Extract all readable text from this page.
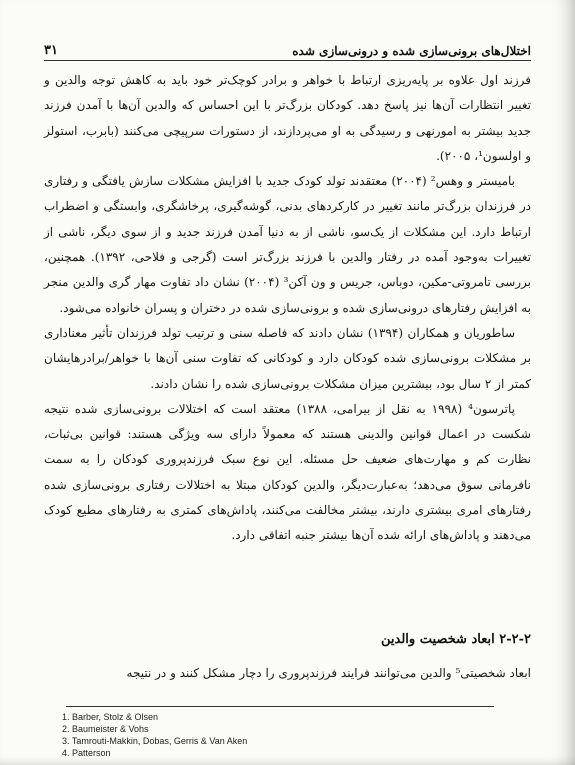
اختلال‌های برونی‌سازی شده و درونی‌سازی شده
۳۱

فرزند اول علاوه بر پایه‌ریزی ارتباط با خواهر و برادر کوچک‌تر خود باید به کاهش توجه والدین و تغییر انتظارات آن‌ها نیز پاسخ دهد. کودکان بزرگ‌تر با این احساس که والدین آن‌ها با آمدن فرزند جدید بیشتر به امورنهی و رسیدگی به او می‌پردازند، از دستورات سرپیچی می‌کنند (بابرب، استولز و اولسون¹، ۲۰۰۵).

بامیستر و وهس² (۲۰۰۴) معتقدند تولد کودک جدید با افزایش مشکلات سازش یافتگی و رفتاری در فرزندان بزرگ‌تر مانند تغییر در کارکردهای بدنی، گوشه‌گیری، پرخاشگری، وابستگی و اضطراب ارتباط دارد. این مشکلات از یک‌سو، ناشی از به دنیا آمدن فرزند جدید و از سوی دیگر، ناشی از تغییرات به‌وجود آمده در رفتار والدین با فرزند بزرگ‌تر است (گرجی و فلاحی، ۱۳۹۲). همچنین، بررسی تامروتی-مکین، دوباس، جریس و ون آکن³ (۲۰۰۴) نشان داد تفاوت مهار گری والدین منجر به افزایش رفتارهای درونی‌سازی شده و برونی‌سازی شده در دختران و پسران خانواده می‌شود.

ساطوریان و همکاران (۱۳۹۴) نشان دادند که فاصله سنی و ترتیب تولد فرزندان تأثیر معناداری بر مشکلات برونی‌سازی شده کودکان دارد و کودکانی که تفاوت سنی آن‌ها با خواهر/برادرهایشان کمتر از ۲ سال بود، بیشترین میزان مشکلات برونی‌سازی شده را نشان دادند.

پاترسون⁴ (۱۹۹۸ به نقل از بیرامی، ۱۳۸۸) معتقد است که اختلالات برونی‌سازی شده نتیجه شکست در اعمال قوانین والدینی هستند که معمولاً دارای سه ویژگی هستند: قوانین بی‌ثبات، نظارت کم و مهارت‌های ضعیف حل مسئله. این نوع سبک فرزندپروری کودکان را به سمت نافرمانی سوق می‌دهد؛ به‌عبارت‌دیگر، والدین کودکان مبتلا به اختلالات رفتاری برونی‌سازی شده رفتارهای امری بیشتری دارند، بیشتر مخالفت می‌کنند، پاداش‌های کمتری به رفتارهای مطیع کودک می‌دهند و پاداش‌های ارائه شده آن‌ها بیشتر جنبه اتفاقی دارد.

۲-۲-۲ ابعاد شخصیت والدین
ابعاد شخصیتی⁵ والدین می‌توانند فرایند فرزندپروری را دچار مشکل کنند و در نتیجه
1. Barber, Stolz & Olsen
2. Baumeister & Vohs
3. Tamrouti-Makkin, Dobas, Gerris & Van Aken
4. Patterson
